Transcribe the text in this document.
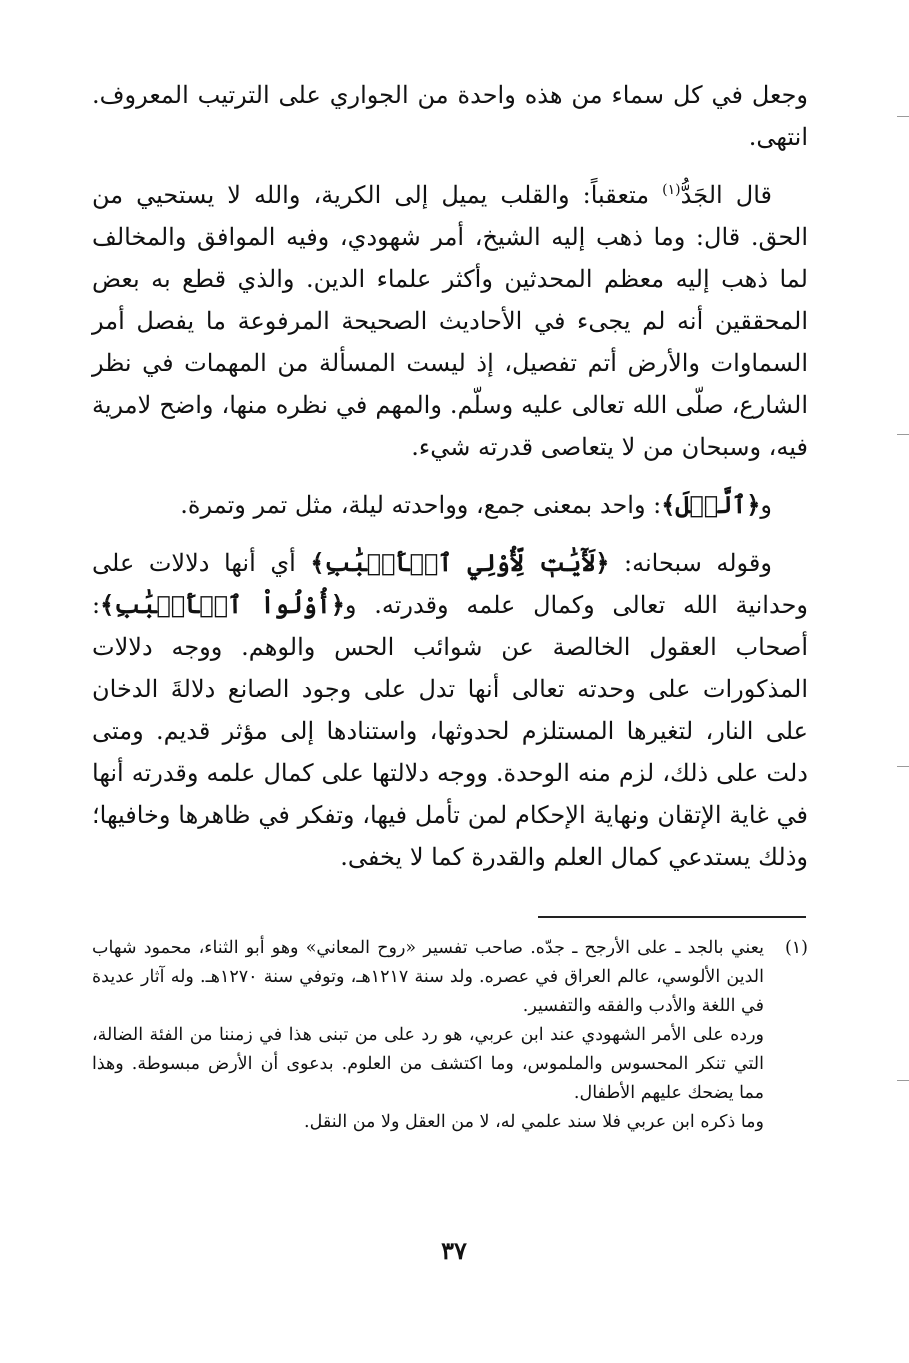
وجعل في كل سماء من هذه واحدة من الجواري على الترتيب المعروف. انتهى.

قال الجَدُّ$^{(١)}$ متعقباً: والقلب يميل إلى الكرية، والله لا يستحيي من الحق. قال: وما ذهب إليه الشيخ، أمر شهودي، وفيه الموافق والمخالف لما ذهب إليه معظم المحدثين وأكثر علماء الدين. والذي قطع به بعض المحققين أنه لم يجىء في الأحاديث الصحيحة المرفوعة ما يفصل أمر السماوات والأرض أتم تفصيل، إذ ليست المسألة من المهمات في نظر الشارع، صلّى الله تعالى عليه وسلّم. والمهم في نظره منها، واضح لامرية فيه، وسبحان من لا يتعاصى قدرته شيء.

و﴿ٱلَّيۡلَ﴾: واحد بمعنى جمع، وواحدته ليلة، مثل تمر وتمرة.

وقوله سبحانه: ﴿لَأٓيَٰتٖ لِّأُوْلِي ٱلۡأَلۡبَٰبِ﴾ أي أنها دلالات على وحدانية الله تعالى وكمال علمه وقدرته. و﴿أُوْلُواْ ٱلۡأَلۡبَٰبِ﴾: أصحاب العقول الخالصة عن شوائب الحس والوهم. ووجه دلالات المذكورات على وحدته تعالى أنها تدل على وجود الصانع دلالةَ الدخان على النار، لتغيرها المستلزم لحدوثها، واستنادها إلى مؤثر قديم. ومتى دلت على ذلك، لزم منه الوحدة. ووجه دلالتها على كمال علمه وقدرته أنها في غاية الإتقان ونهاية الإحكام لمن تأمل فيها، وتفكر في ظاهرها وخافيها؛ وذلك يستدعي كمال العلم والقدرة كما لا يخفى.

(١)

يعني بالجد ـ على الأرجح ـ جدّه. صاحب تفسير «روح المعاني» وهو أبو الثناء، محمود شهاب الدين الألوسي، عالم العراق في عصره. ولد سنة ١٢١٧هـ، وتوفي سنة ١٢٧٠هـ. وله آثار عديدة في اللغة والأدب والفقه والتفسير.

ورده على الأمر الشهودي عند ابن عربي، هو رد على من تبنى هذا في زمننا من الفئة الضالة، التي تنكر المحسوس والملموس، وما اكتشف من العلوم. بدعوى أن الأرض مبسوطة. وهذا مما يضحك عليهم الأطفال.

وما ذكره ابن عربي فلا سند علمي له، لا من العقل ولا من النقل.

٣٧
